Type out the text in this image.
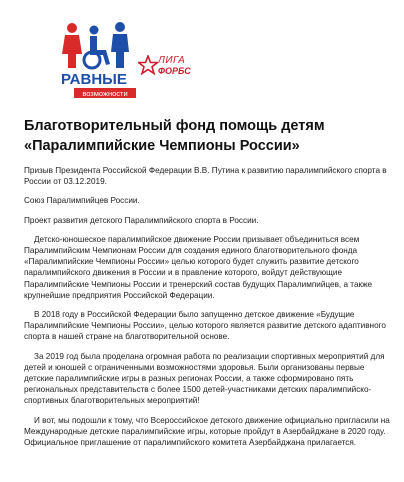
РАВНЫЕ
возможности
ЛИГА
ФОРБС
Благотворительный фонд помощь детям
«Паралимпийские Чемпионы России»

Призыв Президента Российской Федерации В.В. Путина к развитию паралимпийского спорта в России от 03.12.2019.

Союз Паралимпийцев России.

Проект развития детского Паралимпийского спорта в России.

Детско-юношеское паралимпийское движение России призывает объединиться всем Паралимпийским Чемпионам России для создания единого благотворительного фонда «Паралимпийские Чемпионы России» целью которого будет служить развитие детского паралимпийского движения в России и в правление которого, войдут действующие Паралимпийские Чемпионы России и тренерский состав будущих Паралимпийцев, а также крупнейшие предприятия Российской Федерации.

В 2018 году в Российской Федерации было запущенно детское движение «Будущие Паралимпийские Чемпионы России», целью которого является развитие детского адаптивного спорта в нашей стране на благотворительной основе.

За 2019 год была проделана огромная работа по реализации спортивных мероприятий для детей и юношей с ограниченными возможностями здоровья. Были организованы первые детские паралимпийские игры в разных регионах России, а также сформировано пять региональных представительств с более 1500 детей-участниками детских паралимпийско-спортивных благотворительных мероприятий!

И вот, мы подошли к тому, что Всероссийское детского движение официально пригласили на Международные детские паралимпийские игры, которые пройдут в Азербайджане в 2020 году. Официальное приглашение от паралимпийского комитета Азербайджана прилагается.
